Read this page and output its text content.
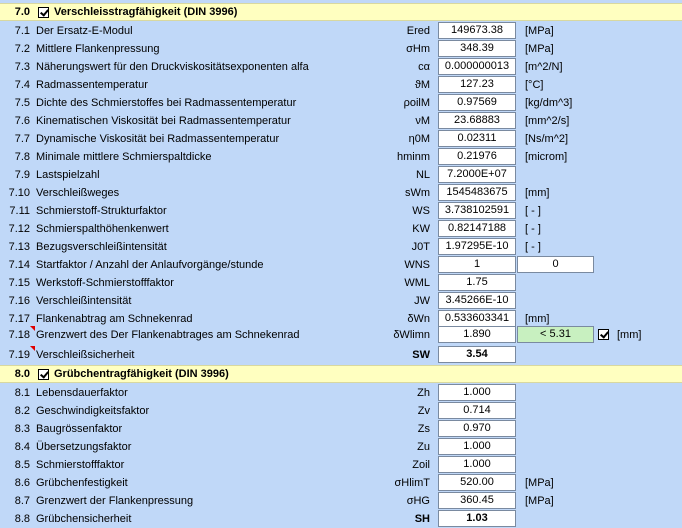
7.0 Verschleisstragfähigkeit (DIN 3996)
7.1 Der Ersatz-E-Modul	Ered	149673.38	[MPa]
7.2 Mittlere Flankenpressung	σHm	348.39	[MPa]
7.3 Näherungswert für den Druckviskositätsexponenten alfa	cα	0.000000013	[m^2/N]
7.4 Radmassentemperatur	ϑM	127.23	[°C]
7.5 Dichte des Schmierstoffes bei Radmassentemperatur	ρoilM	0.97569	[kg/dm^3]
7.6 Kinematischen Viskosität bei Radmassentemperatur	νM	23.68883	[mm^2/s]
7.7 Dynamische Viskosität bei Radmassentemperatur	η0M	0.02311	[Ns/m^2]
7.8 Minimale mittlere Schmierspaltdicke	hminm	0.21976	[microm]
7.9 Lastspielzahl	NL	7.2000E+07
7.10 Verschleißweges	sWm	1545483675	[mm]
7.11 Schmierstoff-Strukturfaktor	WS	3.738102591	[ - ]
7.12 Schmierspalthöhenkenwert	KW	0.82147188	[ - ]
7.13 Bezugsverschleißintensität	J0T	1.97295E-10	[ - ]
7.14 Startfaktor / Anzahl der Anlaufvorgänge/stunde	WNS	1	0
7.15 Werkstoff-Schmierstofffaktor	WML	1.75
7.16 Verschleißintensität	JW	3.45266E-10
7.17 Flankenabtrag am Schnekenrad	δWn	0.533603341	[mm]
7.18 Grenzwert des Der Flankenabtrages am Schnekenrad	δWlimn	1.890	< 5.31	[mm]
7.19 Verschleißsicherheit	SW	3.54
8.0 Grübchentragfähigkeit (DIN 3996)
8.1 Lebensdauerfaktor	Zh	1.000
8.2 Geschwindigkeitsfaktor	Zv	0.714
8.3 Baugrössenfaktor	Zs	0.970
8.4 Übersetzungsfaktor	Zu	1.000
8.5 Schmierstofffaktor	Zoil	1.000
8.6 Grübchenfestigkeit	σHlimT	520.00	[MPa]
8.7 Grenzwert der Flankenpressung	σHG	360.45	[MPa]
8.8 Grübchensicherheit	SH	1.03
